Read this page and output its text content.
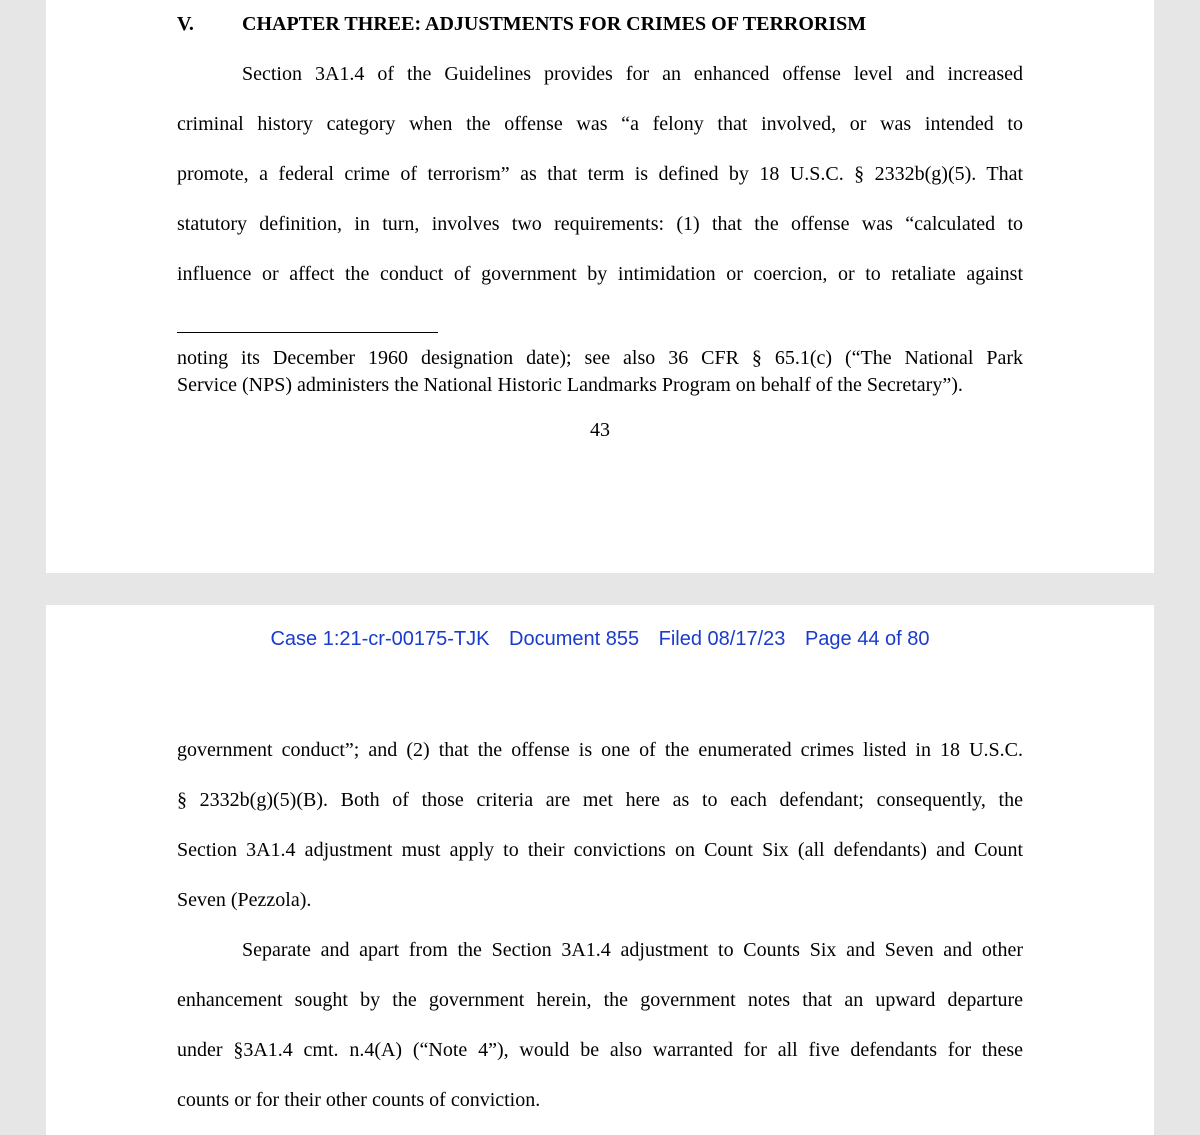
V. CHAPTER THREE: ADJUSTMENTS FOR CRIMES OF TERRORISM
Section 3A1.4 of the Guidelines provides for an enhanced offense level and increased
criminal history category when the offense was “a felony that involved, or was intended to
promote, a federal crime of terrorism” as that term is defined by 18 U.S.C. § 2332b(g)(5). That
statutory definition, in turn, involves two requirements: (1) that the offense was “calculated to
influence or affect the conduct of government by intimidation or coercion, or to retaliate against
noting its December 1960 designation date); see also 36 CFR § 65.1(c) (“The National Park
Service (NPS) administers the National Historic Landmarks Program on behalf of the Secretary”).
43
Case 1:21-cr-00175-TJK Document 855 Filed 08/17/23 Page 44 of 80
government conduct”; and (2) that the offense is one of the enumerated crimes listed in 18 U.S.C.
§ 2332b(g)(5)(B). Both of those criteria are met here as to each defendant; consequently, the
Section 3A1.4 adjustment must apply to their convictions on Count Six (all defendants) and Count
Seven (Pezzola).
Separate and apart from the Section 3A1.4 adjustment to Counts Six and Seven and other
enhancement sought by the government herein, the government notes that an upward departure
under §3A1.4 cmt. n.4(A) (“Note 4”), would be also warranted for all five defendants for these
counts or for their other counts of conviction.
